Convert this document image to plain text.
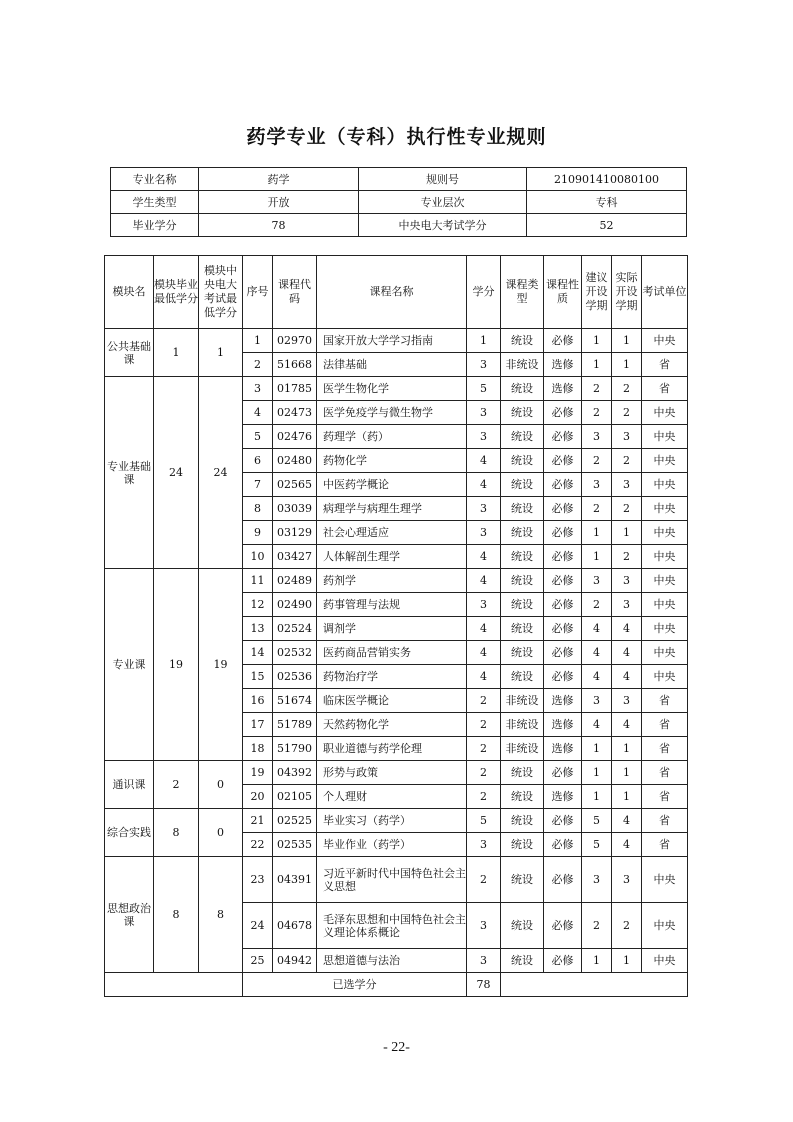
药学专业（专科）执行性专业规则
专业名称	药学	规则号	210901410080100
学生类型	开放	专业层次	专科
毕业学分	78	中央电大考试学分	52
模块名	模块毕业最低学分	模块中央电大考试最低学分	序号	课程代码	课程名称	学分	课程类型	课程性质	建议开设学期	实际开设学期	考试单位
公共基础课	1	1	1	02970	国家开放大学学习指南	1	统设	必修	1	1	中央
			2	51668	法律基础	3	非统设	选修	1	1	省
专业基础课	24	24	3	01785	医学生物化学	5	统设	选修	2	2	省
			4	02473	医学免疫学与微生物学	3	统设	必修	2	2	中央
			5	02476	药理学（药）	3	统设	必修	3	3	中央
			6	02480	药物化学	4	统设	必修	2	2	中央
			7	02565	中医药学概论	4	统设	必修	3	3	中央
			8	03039	病理学与病理生理学	3	统设	必修	2	2	中央
			9	03129	社会心理适应	3	统设	必修	1	1	中央
			10	03427	人体解剖生理学	4	统设	必修	1	2	中央
专业课	19	19	11	02489	药剂学	4	统设	必修	3	3	中央
			12	02490	药事管理与法规	3	统设	必修	2	3	中央
			13	02524	调剂学	4	统设	必修	4	4	中央
			14	02532	医药商品营销实务	4	统设	必修	4	4	中央
			15	02536	药物治疗学	4	统设	必修	4	4	中央
			16	51674	临床医学概论	2	非统设	选修	3	3	省
			17	51789	天然药物化学	2	非统设	选修	4	4	省
			18	51790	职业道德与药学伦理	2	非统设	选修	1	1	省
通识课	2	0	19	04392	形势与政策	2	统设	必修	1	1	省
			20	02105	个人理财	2	统设	选修	1	1	省
综合实践	8	0	21	02525	毕业实习（药学）	5	统设	必修	5	4	省
			22	02535	毕业作业（药学）	3	统设	必修	5	4	省
思想政治课	8	8	23	04391	习近平新时代中国特色社会主义思想	2	统设	必修	3	3	中央
			24	04678	毛泽东思想和中国特色社会主义理论体系概论	3	统设	必修	2	2	中央
			25	04942	思想道德与法治	3	统设	必修	1	1	中央
			已选学分			78					
- 22-
